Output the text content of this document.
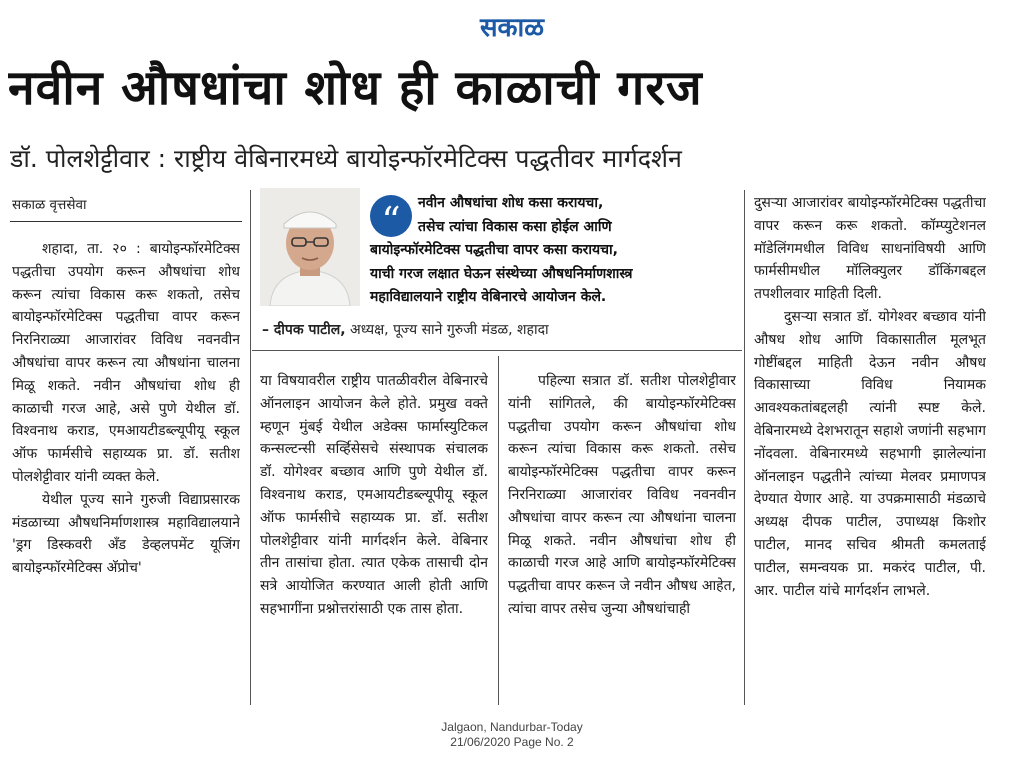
सकाळ
नवीन औषधांचा शोध ही काळाची गरज
डॉ. पोलशेट्टीवार : राष्ट्रीय वेबिनारमध्ये बायोइन्फॉरमेटिक्स पद्धतीवर मार्गदर्शन
सकाळ वृत्तसेवा

शहादा, ता. २० : बायोइन्फॉरमेटिक्स पद्धतीचा उपयोग करून औषधांचा शोध करून त्यांचा विकास करू शकतो, तसेच बायोइन्फॉरमेटिक्स पद्धतीचा वापर करून निरनिराळ्या आजारांवर विविध नवनवीन औषधांचा वापर करून त्या औषधांना चालना मिळू शकते. नवीन औषधांचा शोध ही काळाची गरज आहे, असे पुणे येथील डॉ. विश्वनाथ कराड, एमआयटीडब्ल्यूपीयू स्कूल ऑफ फार्मसीचे सहाय्यक प्रा. डॉ. सतीश पोलशेट्टीवार यांनी व्यक्त केले.

येथील पूज्य साने गुरुजी विद्याप्रसारक मंडळाच्या औषधनिर्माणशास्त्र महाविद्यालयाने 'ड्रग डिस्कवरी अँड डेव्हलपमेंट यूजिंग बायोइन्फॉरमेटिक्स अ‍ॅप्रोच'

“	नवीन औषधांचा शोध कसा करायचा,

तसेच त्यांचा विकास कसा होईल आणि

बायोइन्फॉरमेटिक्स पद्धतीचा वापर कसा करायचा,

याची गरज लक्षात घेऊन संस्थेच्या औषधनिर्माणशास्त्र

महाविद्यालयाने राष्ट्रीय वेबिनारचे आयोजन केले.

– दीपक पाटील, अध्यक्ष, पूज्य साने गुरुजी मंडळ, शहादा

या विषयावरील राष्ट्रीय पातळीवरील वेबिनारचे ऑनलाइन आयोजन केले होते. प्रमुख वक्ते म्हणून मुंबई येथील अडेक्स फार्मास्युटिकल कन्सल्टन्सी सर्व्हिसेसचे संस्थापक संचालक डॉ. योगेश्वर बच्छाव आणि पुणे येथील डॉ. विश्वनाथ कराड, एमआयटीडब्ल्यूपीयू स्कूल ऑफ फार्मसीचे सहाय्यक प्रा. डॉ. सतीश पोलशेट्टीवार यांनी मार्गदर्शन केले. वेबिनार तीन तासांचा होता. त्यात एकेक तासाची दोन सत्रे आयोजित करण्यात आली होती आणि सहभागींना प्रश्नोत्तरांसाठी एक तास होता.

पहिल्या सत्रात डॉ. सतीश पोलशेट्टीवार यांनी सांगितले, की बायोइन्फॉरमेटिक्स पद्धतीचा उपयोग करून औषधांचा शोध करून त्यांचा विकास करू शकतो. तसेच बायोइन्फॉरमेटिक्स पद्धतीचा वापर करून निरनिराळ्या आजारांवर विविध नवनवीन औषधांचा वापर करून त्या औषधांना चालना मिळू शकते. नवीन औषधांचा शोध ही काळाची गरज आहे आणि बायोइन्फॉरमेटिक्स पद्धतीचा वापर करून जे नवीन औषध आहेत, त्यांचा वापर तसेच जुन्या औषधांचाही

दुसऱ्या आजारांवर बायोइन्फॉरमेटिक्स पद्धतीचा वापर करून करू शकतो. कॉम्प्युटेशनल मॉडेलिंगमधील विविध साधनांविषयी आणि फार्मसीमधील मॉलिक्युलर डॉकिंगबद्दल तपशीलवार माहिती दिली.

दुसऱ्या सत्रात डॉ. योगेश्वर बच्छाव यांनी औषध शोध आणि विकासातील मूलभूत गोष्टींबद्दल माहिती देऊन नवीन औषध विकासाच्या विविध नियामक आवश्यकतांबद्दलही त्यांनी स्पष्ट केले. वेबिनारमध्ये देशभरातून सहाशे जणांनी सहभाग नोंदवला. वेबिनारमध्ये सहभागी झालेल्यांना ऑनलाइन पद्धतीने त्यांच्या मेलवर प्रमाणपत्र देण्यात येणार आहे. या उपक्रमासाठी मंडळाचे अध्यक्ष दीपक पाटील, उपाध्यक्ष किशोर पाटील, मानद सचिव श्रीमती कमलताई पाटील, समन्वयक प्रा. मकरंद पाटील, पी. आर. पाटील यांचे मार्गदर्शन लाभले.

Jalgaon, Nandurbar-Today
21/06/2020 Page No. 2
